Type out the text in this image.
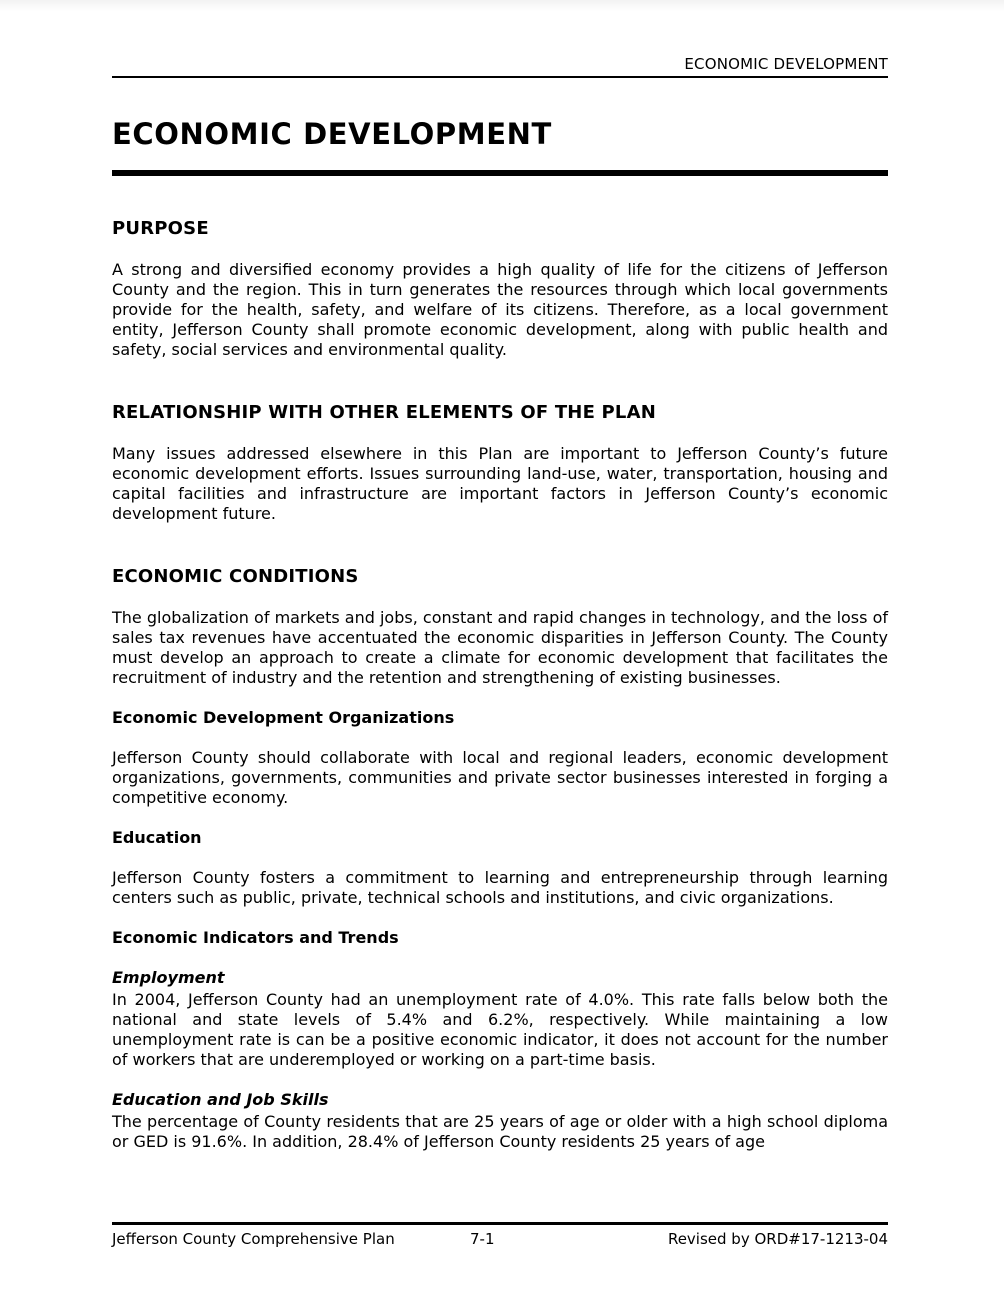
ECONOMIC DEVELOPMENT
ECONOMIC DEVELOPMENT
PURPOSE

A strong and diversified economy provides a high quality of life for the citizens of Jefferson County and the region. This in turn generates the resources through which local governments provide for the health, safety, and welfare of its citizens. Therefore, as a local government entity, Jefferson County shall promote economic development, along with public health and safety, social services and environmental quality.

RELATIONSHIP WITH OTHER ELEMENTS OF THE PLAN

Many issues addressed elsewhere in this Plan are important to Jefferson County’s future economic development efforts. Issues surrounding land-use, water, transportation, housing and capital facilities and infrastructure are important factors in Jefferson County’s economic development future.

ECONOMIC CONDITIONS

The globalization of markets and jobs, constant and rapid changes in technology, and the loss of sales tax revenues have accentuated the economic disparities in Jefferson County. The County must develop an approach to create a climate for economic development that facilitates the recruitment of industry and the retention and strengthening of existing businesses.

Economic Development Organizations

Jefferson County should collaborate with local and regional leaders, economic development organizations, governments, communities and private sector businesses interested in forging a competitive economy.

Education

Jefferson County fosters a commitment to learning and entrepreneurship through learning centers such as public, private, technical schools and institutions, and civic organizations.

Economic Indicators and Trends
Employment

In 2004, Jefferson County had an unemployment rate of 4.0%. This rate falls below both the national and state levels of 5.4% and 6.2%, respectively. While maintaining a low unemployment rate is can be a positive economic indicator, it does not account for the number of workers that are underemployed or working on a part-time basis.

Education and Job Skills

The percentage of County residents that are 25 years of age or older with a high school diploma or GED is 91.6%. In addition, 28.4% of Jefferson County residents 25 years of age

Jefferson County Comprehensive Plan	7-1	Revised by ORD#17-1213-04
